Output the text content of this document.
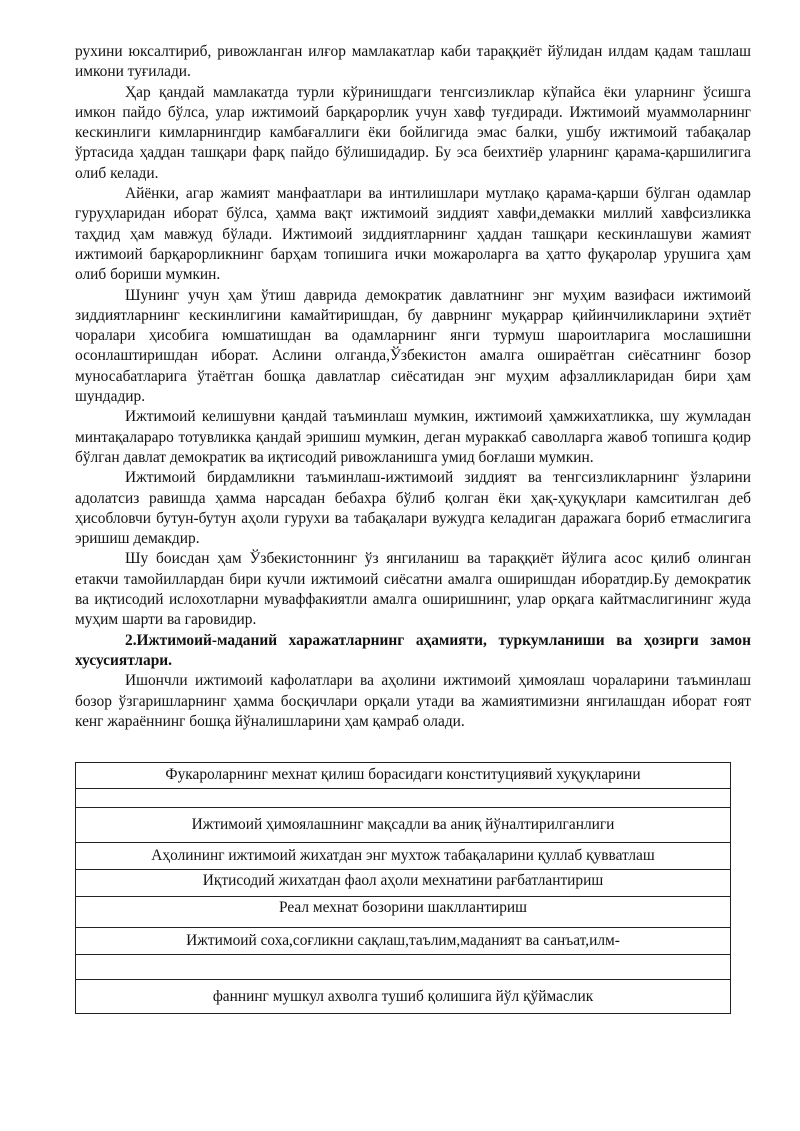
рухини юксалтириб, ривожланган илғор мамлакатлар каби тараққиёт йўлидан илдам қадам ташлаш имкони туғилади.

Ҳар қандай мамлакатда турли кўринишдаги тенгсизликлар кўпайса ёки уларнинг ўсишга имкон пайдо бўлса, улар ижтимоий барқарорлик учун хавф туғдиради. Ижтимоий муаммоларнинг кескинлиги кимларнингдир камбағаллиги ёки бойлигида эмас балки, ушбу ижтимоий табақалар ўртасида ҳаддан ташқари фарқ пайдо бўлишидадир. Бу эса беихтиёр уларнинг қарама-қаршилигига олиб келади.

Айёнки, агар жамият манфаатлари ва интилишлари мутлақо қарама-қарши бўлган одамлар гуруҳларидан иборат бўлса, ҳамма вақт ижтимоий зиддият хавфи,демакки миллий хавфсизликка таҳдид ҳам мавжуд бўлади. Ижтимоий зиддиятларнинг ҳаддан ташқари кескинлашуви жамият ижтимоий барқарорликнинг барҳам топишига ички можароларга ва ҳатто фуқаролар урушига ҳам олиб бориши мумкин.

Шунинг учун ҳам ўтиш даврида демократик давлатнинг энг муҳим вазифаси ижтимоий зиддиятларнинг кескинлигини камайтиришдан, бу даврнинг муқаррар қийинчиликларини эҳтиёт чоралари ҳисобига юмшатишдан ва одамларнинг янги турмуш шароитларига мослашишни осонлаштиришдан иборат. Аслини олганда,Ўзбекистон амалга ошираётган сиёсатнинг бозор муносабатларига ўтаётган бошқа давлатлар сиёсатидан энг муҳим афзалликларидан бири ҳам шундадир.

Ижтимоий келишувни қандай таъминлаш мумкин, ижтимоий ҳамжихатликка, шу жумладан минтақалараро тотувликка қандай эришиш мумкин, деган мураккаб саволларга жавоб топишга қодир бўлган давлат демократик ва иқтисодий ривожланишга умид боғлаши мумкин.

Ижтимоий бирдамликни таъминлаш-ижтимоий зиддият ва тенгсизликларнинг ўзларини адолатсиз равишда ҳамма нарсадан бебахра бўлиб қолган ёки ҳақ-ҳуқуқлари камситилган деб ҳисобловчи бутун-бутун аҳоли гурухи ва табақалари вужудга келадиган даражага бориб етмаслигига эришиш демакдир.

Шу боисдан ҳам Ўзбекистоннинг ўз янгиланиш ва тараққиёт йўлига асос қилиб олинган етакчи тамойиллардан бири кучли ижтимоий сиёсатни амалга оширишдан иборатдир.Бу демократик ва иқтисодий ислохотларни муваффакиятли амалга оширишнинг, улар орқага кайтмаслигининг жуда муҳим шарти ва гаровидир.

2.Ижтимоий-маданий харажатларнинг аҳамияти, туркумланиши ва ҳозирги замон хусусиятлари.

Ишончли ижтимоий кафолатлари ва аҳолини ижтимоий ҳимоялаш чораларини таъминлаш бозор ўзгаришларнинг ҳамма босқичлари орқали утади ва жамиятимизни янгилашдан иборат ғоят кенг жараённинг бошқа йўналишларини ҳам қамраб олади.

Фукароларнинг мехнат қилиш борасидаги конституциявий хуқуқларини
Ижтимоий ҳимоялашнинг мақсадли ва аниқ йўналтирилганлиги
Аҳолининг ижтимоий жихатдан энг мухтож табақаларини қуллаб қувватлаш
Иқтисодий жихатдан фаол аҳоли мехнатини рағбатлантириш
Реал мехнат бозорини шакллантириш
Ижтимоий соха,соғликни сақлаш,таълим,маданият ва санъат,илм-
фаннинг мушкул ахволга тушиб қолишига йўл қўймаслик
